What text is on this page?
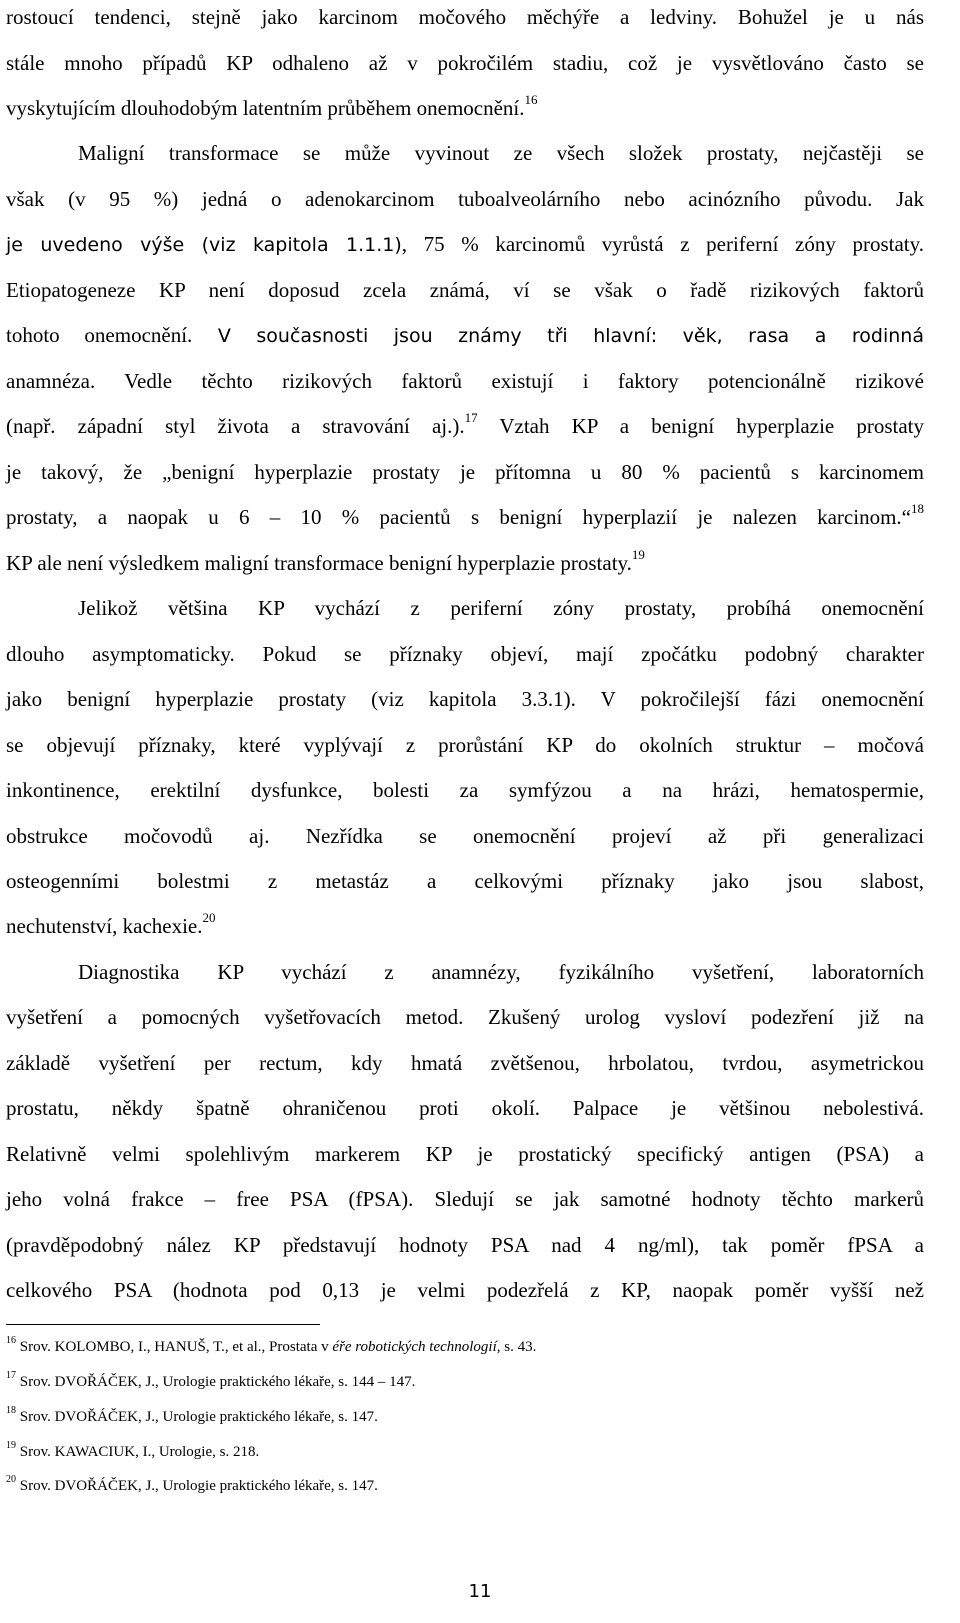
rostoucí tendenci, stejně jako karcinom močového měchýře a ledviny. Bohužel je u nás
stále mnoho případů KP odhaleno až v pokročilém stadiu, což je vysvětlováno často se
vyskytujícím dlouhodobým latentním průběhem onemocnění.$^{16}$
Maligní transformace se může vyvinout ze všech složek prostaty, nejčastěji se
však (v 95 %) jedná o adenokarcinom tuboalveolárního nebo acinózního původu. Jak
je uvedeno výše (viz kapitola 1.1.1), 75 % karcinomů vyrůstá z periferní zóny prostaty.
Etiopatogeneze KP není doposud zcela známá, ví se však o řadě rizikových faktorů
tohoto onemocnění. V současnosti jsou známy tři hlavní: věk, rasa a rodinná
anamnéza. Vedle těchto rizikových faktorů existují i faktory potencionálně rizikové
(např. západní styl života a stravování aj.).$^{17}$ Vztah KP a benigní hyperplazie prostaty
je takový, že „benigní hyperplazie prostaty je přítomna u 80 % pacientů s karcinomem
prostaty, a naopak u 6 – 10 % pacientů s benigní hyperplazií je nalezen karcinom.“$^{18}$
KP ale není výsledkem maligní transformace benigní hyperplazie prostaty.$^{19}$
Jelikož většina KP vychází z periferní zóny prostaty, probíhá onemocnění
dlouho asymptomaticky. Pokud se příznaky objeví, mají zpočátku podobný charakter
jako benigní hyperplazie prostaty (viz kapitola 3.3.1). V pokročilejší fázi onemocnění
se objevují příznaky, které vyplývají z prorůstání KP do okolních struktur – močová
inkontinence, erektilní dysfunkce, bolesti za symfýzou a na hrázi, hematospermie,
obstrukce močovodů aj. Nezřídka se onemocnění projeví až při generalizaci
osteogenními bolestmi z metastáz a celkovými příznaky jako jsou slabost,
nechutenství, kachexie.$^{20}$
Diagnostika KP vychází z anamnézy, fyzikálního vyšetření, laboratorních
vyšetření a pomocných vyšetřovacích metod. Zkušený urolog vysloví podezření již na
základě vyšetření per rectum, kdy hmatá zvětšenou, hrbolatou, tvrdou, asymetrickou
prostatu, někdy špatně ohraničenou proti okolí. Palpace je většinou nebolestivá.
Relativně velmi spolehlivým markerem KP je prostatický specifický antigen (PSA) a
jeho volná frakce – free PSA (fPSA). Sledují se jak samotné hodnoty těchto markerů
(pravděpodobný nález KP představují hodnoty PSA nad 4 ng/ml), tak poměr fPSA a
celkového PSA (hodnota pod 0,13 je velmi podezřelá z KP, naopak poměr vyšší než
$^{16}$ Srov. KOLOMBO, I., HANUŠ, T., et al., Prostata v éře robotických technologií, s. 43.
$^{17}$ Srov. DVOŘÁČEK, J., Urologie praktického lékaře, s. 144 – 147.
$^{18}$ Srov. DVOŘÁČEK, J., Urologie praktického lékaře, s. 147.
$^{19}$ Srov. KAWACIUK, I., Urologie, s. 218.
$^{20}$ Srov. DVOŘÁČEK, J., Urologie praktického lékaře, s. 147.
11
